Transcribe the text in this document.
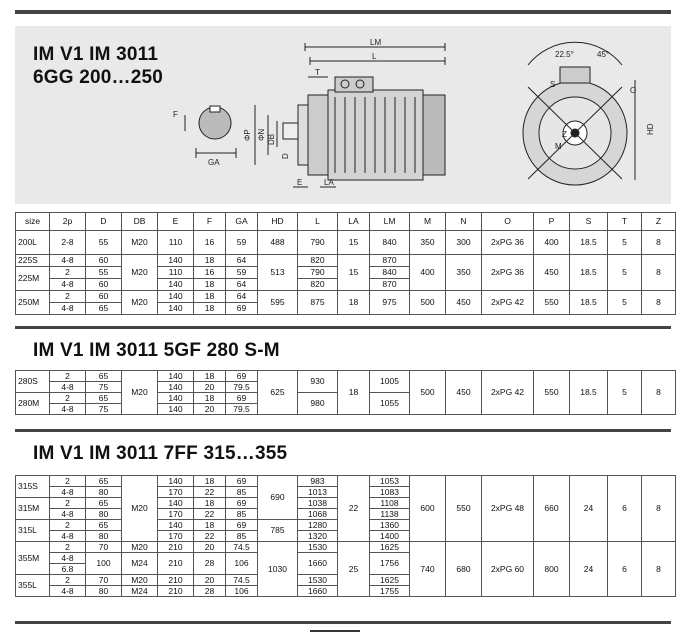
IM V1 IM 3011
6GG 200…250
F
GA
LM
L
T
ΦP ΦN DB
D
E	LA
22.5°	45°
S
O
Z
M
HD
size	2p	D	DB	E	F	GA	HD	L	LA	LM	M	N	O	P	S	T	Z
200L	2-8	55	M20	110	16	59	488	790	15	840	350	300	2xPG 36	400	18.5	5	8
225S	4-8	60	M20	140	18	64	513	820	15	870	400	350	2xPG 36	450	18.5	5	8
225M	2	55		110	16	59		790		840							
	4-8	60		140	18	64		820		870							
250M	2	60	M20	140	18	64	595	875	18	975	500	450	2xPG 42	550	18.5	5	8
	4-8	65		140	18	69											
IM V1 IM 3011 5GF 280 S-M
280S	2	65	M20	140	18	69	625	930	18	1005	500	450	2xPG 42	550	18.5	5	8
	4-8	75		140	20	79.5											
280M	2	65		140	18	69		980		1055							
	4-8	75		140	20	79.5											
IM V1 IM 3011 7FF 315…355
315S	2	65	M20	140	18	69	690	983	22	1053	600	550	2xPG 48	660	24	6	8
	4-8	80		170	22	85		1013		1083							
315M	2	65		140	18	69		1038		1108							
	4-8	80		170	22	85		1068		1138							
315L	2	65		140	18	69	785	1280		1360							
	4-8	80		170	22	85		1320		1400							
355M	2	70	M20	210	20	74.5	1030	1530	25	1625	740	680	2xPG 60	800	24	6	8
	4-8	100	M24	210	28	106		1660		1756							
	6.8																
355L	2	70	M20	210	20	74.5		1530		1625							
	4-8	80	M24	210	28	106		1660		1755							
